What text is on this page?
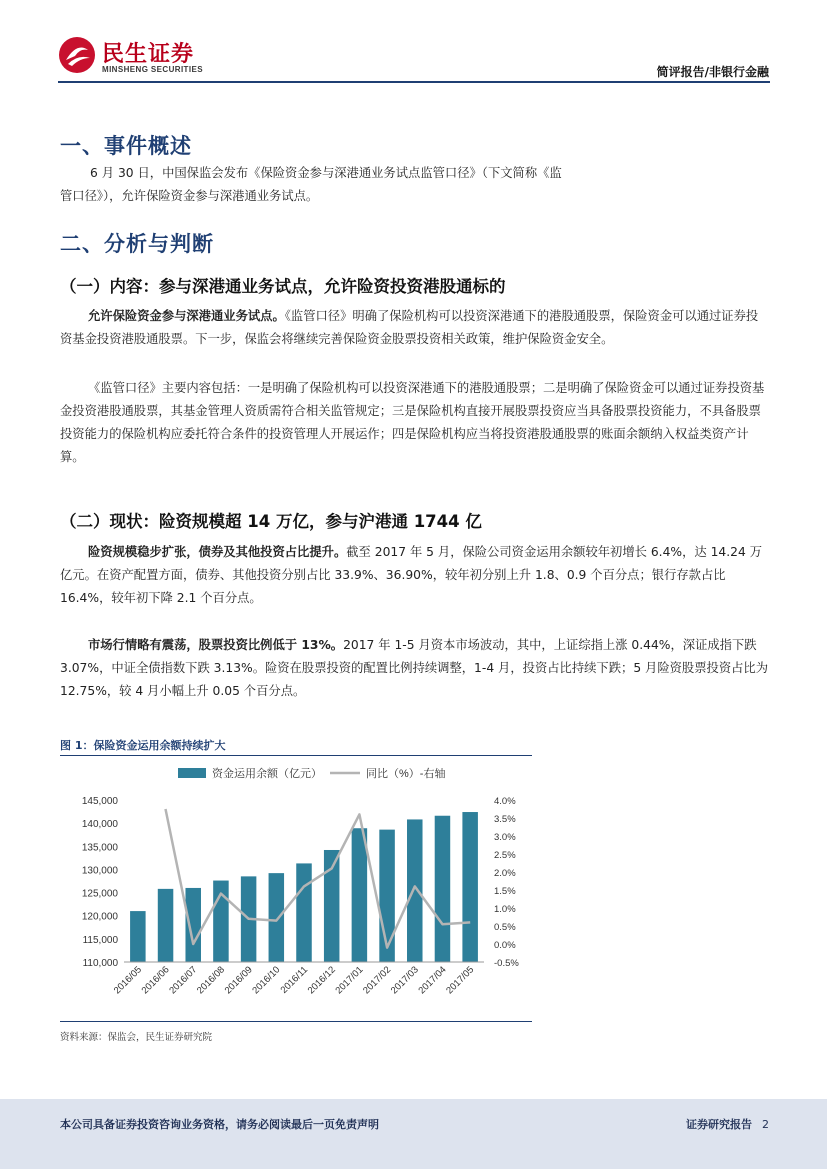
民生证券
MINSHENG SECURITIES	简评报告/非银行金融
一、事件概述
6 月 30 日，中国保监会发布《保险资金参与深港通业务试点监管口径》（下文简称《监
管口径》），允许保险资金参与深港通业务试点。
二、分析与判断
（一）内容：参与深港通业务试点，允许险资投资港股通标的
允许保险资金参与深港通业务试点。《监管口径》明确了保险机构可以投资深港通下的港股通股票，保险资金可以通过证券投资基金投资港股通股票。下一步，保监会将继续完善保险资金股票投资相关政策，维护保险资金安全。
《监管口径》主要内容包括：一是明确了保险机构可以投资深港通下的港股通股票；二是明确了保险资金可以通过证券投资基金投资港股通股票，其基金管理人资质需符合相关监管规定；三是保险机构直接开展股票投资应当具备股票投资能力，不具备股票投资能力的保险机构应委托符合条件的投资管理人开展运作；四是保险机构应当将投资港股通股票的账面余额纳入权益类资产计算。
（二）现状：险资规模超 14 万亿，参与沪港通 1744 亿
险资规模稳步扩张，债券及其他投资占比提升。截至 2017 年 5 月，保险公司资金运用余额较年初增长 6.4%，达 14.24 万亿元。在资产配置方面，债券、其他投资分别占比 33.9%、36.90%，较年初分别上升 1.8、0.9 个百分点；银行存款占比 16.4%，较年初下降 2.1 个百分点。
市场行情略有震荡，股票投资比例低于 13%。2017 年 1-5 月资本市场波动，其中，上证综指上涨 0.44%，深证成指下跌 3.07%，中证全债指数下跌 3.13%。险资在股票投资的配置比例持续调整，1-4 月，投资占比持续下跌；5 月险资股票投资占比为 12.75%，较 4 月小幅上升 0.05 个百分点。
图 1：保险资金运用余额持续扩大
资金运用余额（亿元）	同比（%）-右轴
145,000
140,000
135,000
130,000
125,000
120,000
115,000
110,000
4.0%
3.5%
3.0%
2.5%
2.0%
1.5%
1.0%
0.5%
0.0%
-0.5%
2016/05
2016/06
2016/07
2016/08
2016/09
2016/10
2016/11
2016/12
2017/01
2017/02
2017/03
2017/04
2017/05
资料来源：保监会，民生证券研究院
本公司具备证券投资咨询业务资格，请务必阅读最后一页免责声明	证券研究报告 2
